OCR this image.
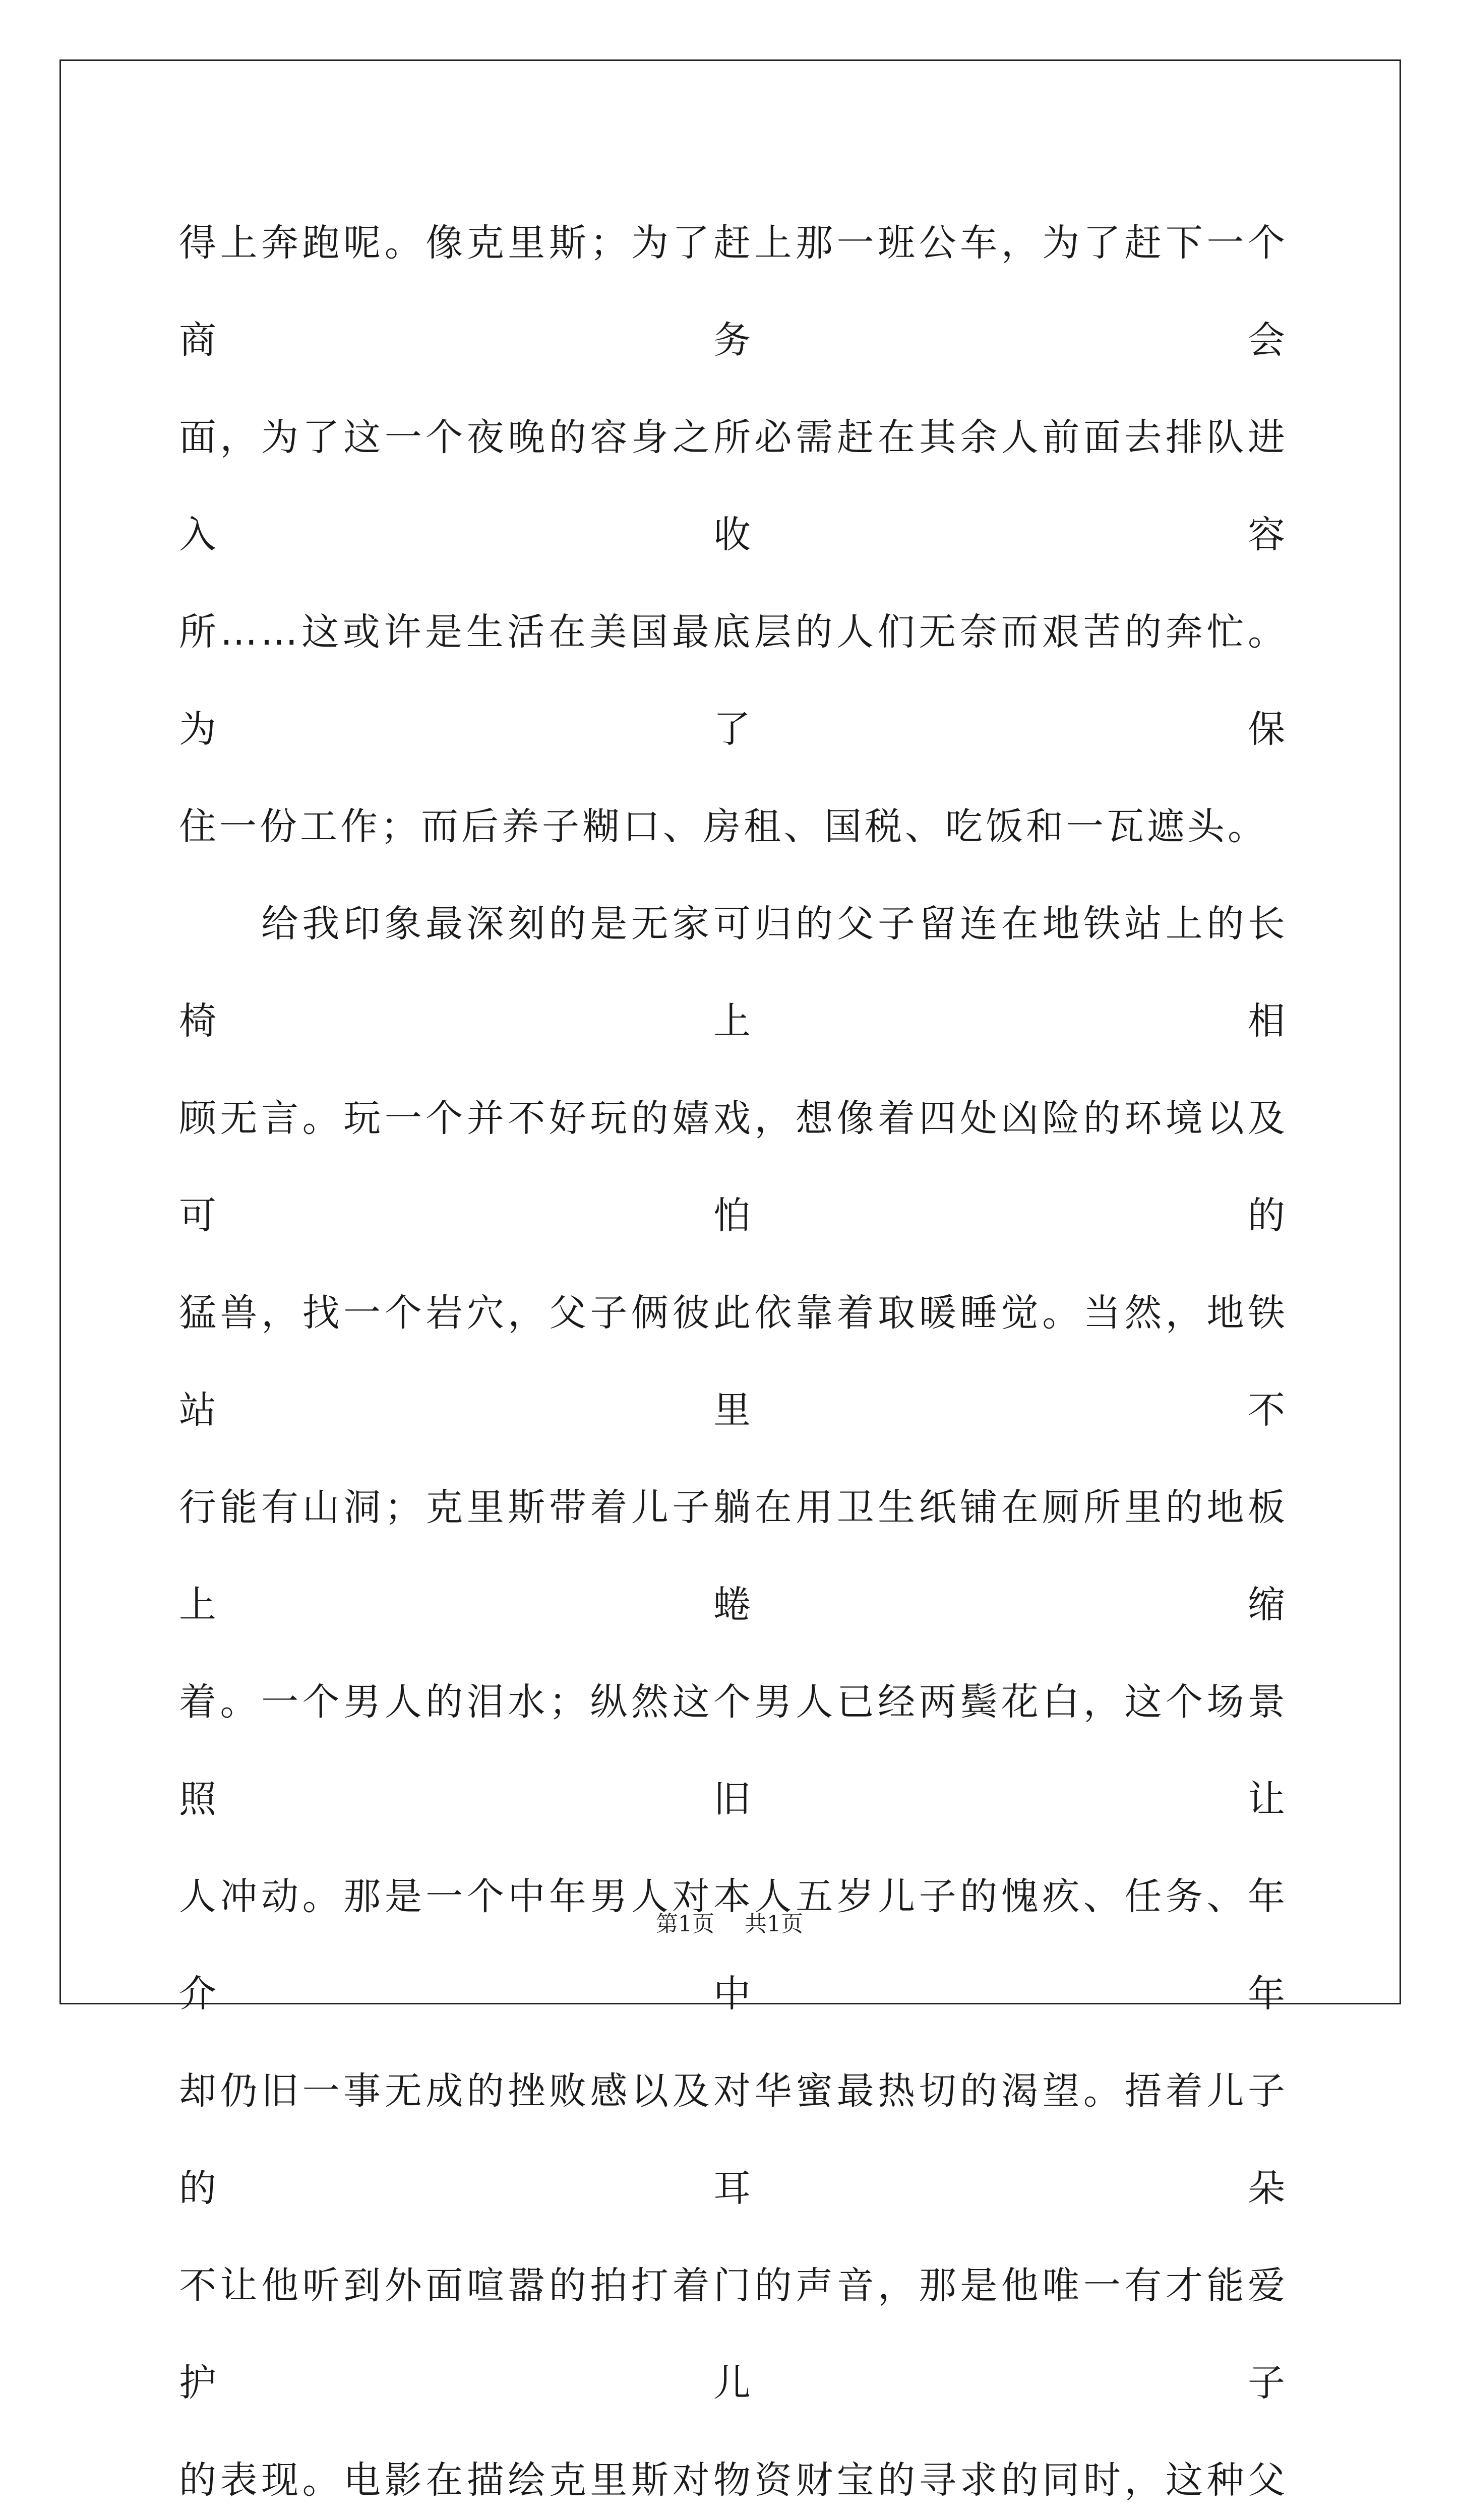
得上奔跑呢。像克里斯；为了赶上那一班公车，为了赶下一个商务会

面，为了这一个夜晚的容身之所必需赶在其余人前面去排队进入收容

所……这或许是生活在美国最底层的人们无奈而艰苦的奔忙。为了保

住一份工作；而后养子糊口、房租、国税、吃饭和一瓦遮头。

给我印象最深刻的是无家可归的父子留连在地铁站上的长椅上相

顾无言。玩一个并不好玩的嬉戏，想像着四处凶险的环境以及可怕的

猛兽，找一个岩穴，父子俩彼此依靠着取暖睡觉。当然，地铁站里不

行能有山洞；克里斯带着儿子躺在用卫生纸铺在厕所里的地板上蜷缩

着。一个男人的泪水；纵然这个男人已经两鬓花白，这个场景照旧让

人冲动。那是一个中年男人对本人五岁儿子的愧疚、任务、年介中年

却仍旧一事无成的挫败感以及对华蜜最热切的渴望。捂着儿子的耳朵

不让他听到外面喧嚣的拍打着门的声音，那是他唯一有才能爱护儿子

的表现。电影在描绘克里斯对物资财宝的寻求的同时，这种父

第1页 共1页
